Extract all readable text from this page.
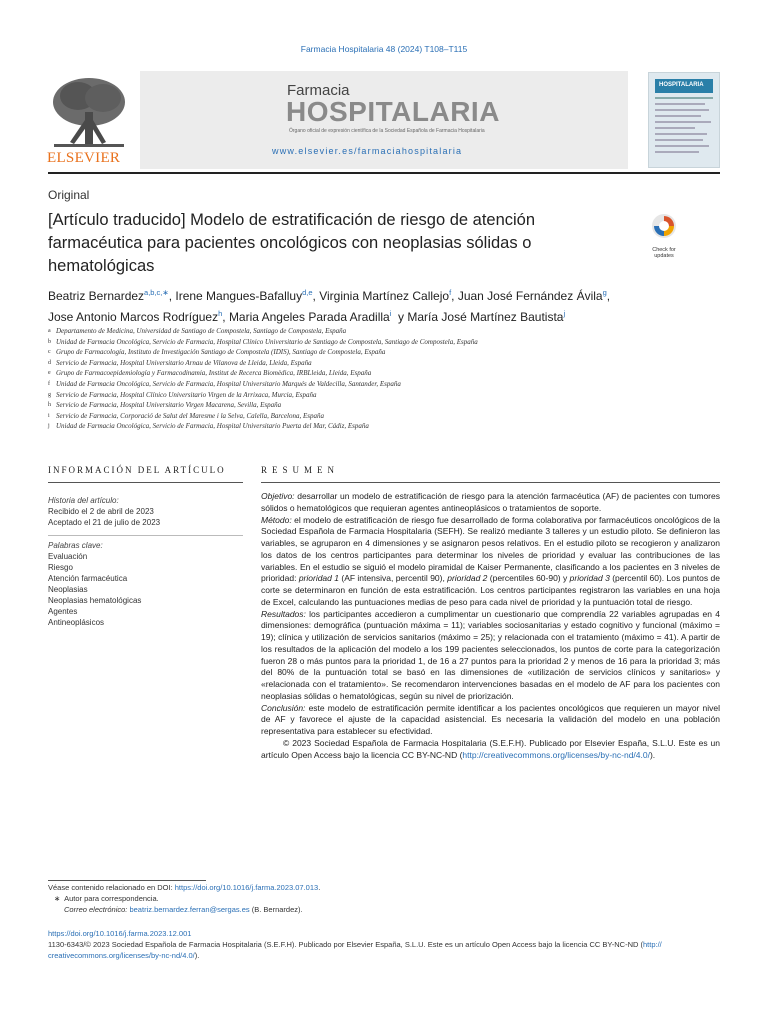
Farmacia Hospitalaria 48 (2024) T108–T115
ELSEVIER
Farmacia
HOSPITALARIA
Órgano oficial de expresión científica de la Sociedad Española de Farmacia Hospitalaria
www.elsevier.es/farmaciahospitalaria
HOSPITALARIA
Original
[Artículo traducido] Modelo de estratificación de riesgo de atención farmacéutica para pacientes oncológicos con neoplasias sólidas o hematológicas
Check for updates
Beatriz Bernardez$^{a,b,c,∗}$, Irene Mangues-Bafalluy$^{d,e}$, Virginia Martínez Callejo$^f$, Juan José Fernández Ávila$^g$,
Jose Antonio Marcos Rodríguez$^h$, Maria Angeles Parada Aradilla$^i$  y María José Martínez Bautista$^j$
a Departamento de Medicina, Universidad de Santiago de Compostela, Santiago de Compostela, España
b Unidad de Farmacia Oncológica, Servicio de Farmacia, Hospital Clínico Universitario de Santiago de Compostela, Santiago de Compostela, España
c Grupo de Farmacología, Instituto de Investigación Santiago de Compostela (IDIS), Santiago de Compostela, España
d Servicio de Farmacia, Hospital Universitario Arnau de Vilanova de Lleida, Lleida, España
e Grupo de Farmacoepidemiología y Farmacodinamia, Institut de Recerca Biomèdica, IRBLleida, Lleida, España
f Unidad de Farmacia Oncológica, Servicio de Farmacia, Hospital Universitario Marqués de Valdecilla, Santander, España
g Servicio de Farmacia, Hospital Clínico Universitario Virgen de la Arrixaca, Murcia, España
h Servicio de Farmacia, Hospital Universitario Virgen Macarena, Sevilla, España
i Servicio de Farmacia, Corporació de Salut del Maresme i la Selva, Calella, Barcelona, España
j Unidad de Farmacia Oncológica, Servicio de Farmacia, Hospital Universitario Puerta del Mar, Cádiz, España
INFORMACIÓN DEL ARTÍCULO
Historia del artículo:
Recibido el 2 de abril de 2023
Aceptado el 21 de julio de 2023
Palabras clave:
Evaluación
Riesgo
Atención farmacéutica
Neoplasias
Neoplasias hematológicas
Agentes
Antineoplásicos
RESUMEN

Objetivo: desarrollar un modelo de estratificación de riesgo para la atención farmacéutica (AF) de pacientes con tumores sólidos o hematológicos que requieran agentes antineoplásicos o tratamientos de soporte.

Método: el modelo de estratificación de riesgo fue desarrollado de forma colaborativa por farmacéuticos oncológicos de la Sociedad Española de Farmacia Hospitalaria (SEFH). Se realizó mediante 3 talleres y un estudio piloto. Se definieron las variables, se agruparon en 4 dimensiones y se asignaron pesos relativos. En el estudio piloto se recogieron y analizaron los datos de los centros participantes para determinar los niveles de prioridad y evaluar las contribuciones de las variables. En el estudio se siguió el modelo piramidal de Kaiser Permanente, clasificando a los pacientes en 3 niveles de prioridad: prioridad 1 (AF intensiva, percentil 90), prioridad 2 (percentiles 60-90) y prioridad 3 (percentil 60). Los puntos de corte se determinaron en función de esta estratificación. Los centros participantes registraron las variables en una hoja de Excel, calculando las puntuaciones medias de peso para cada nivel de prioridad y la puntuación total de riesgo.

Resultados: los participantes accedieron a cumplimentar un cuestionario que comprendía 22 variables agrupadas en 4 dimensiones: demográfica (puntuación máxima = 11); variables sociosanitarias y estado cognitivo y funcional (máximo = 19); clínica y utilización de servicios sanitarios (máximo = 25); y relacionada con el tratamiento (máximo = 41). A partir de los resultados de la aplicación del modelo a los 199 pacientes seleccionados, los puntos de corte para la categorización fueron 28 o más puntos para la prioridad 1, de 16 a 27 puntos para la prioridad 2 y menos de 16 para la prioridad 3; más del 80% de la puntuación total se basó en las dimensiones de «utilización de servicios clínicos y sanitarios» y «relacionada con el tratamiento». Se recomendaron intervenciones basadas en el modelo de AF para los pacientes con neoplasias sólidas o hematológicas, según su nivel de priorización.

Conclusión: este modelo de estratificación permite identificar a los pacientes oncológicos que requieren un mayor nivel de AF y favorece el ajuste de la capacidad asistencial. Es necesaria la validación del modelo en una población representativa para establecer su efectividad.

© 2023 Sociedad Española de Farmacia Hospitalaria (S.E.F.H). Publicado por Elsevier España, S.L.U. Este es un artículo Open Access bajo la licencia CC BY-NC-ND (http://creativecommons.org/licenses/by-nc-nd/4.0/).

Véase contenido relacionado en DOI: https://doi.org/10.1016/j.farma.2023.07.013.
∗ Autor para correspondencia.
Correo electrónico: beatriz.bernardez.ferran@sergas.es (B. Bernardez).
https://doi.org/10.1016/j.farma.2023.12.001
1130-6343/© 2023 Sociedad Española de Farmacia Hospitalaria (S.E.F.H). Publicado por Elsevier España, S.L.U. Este es un artículo Open Access bajo la licencia CC BY-NC-ND (http://
creativecommons.org/licenses/by-nc-nd/4.0/).
